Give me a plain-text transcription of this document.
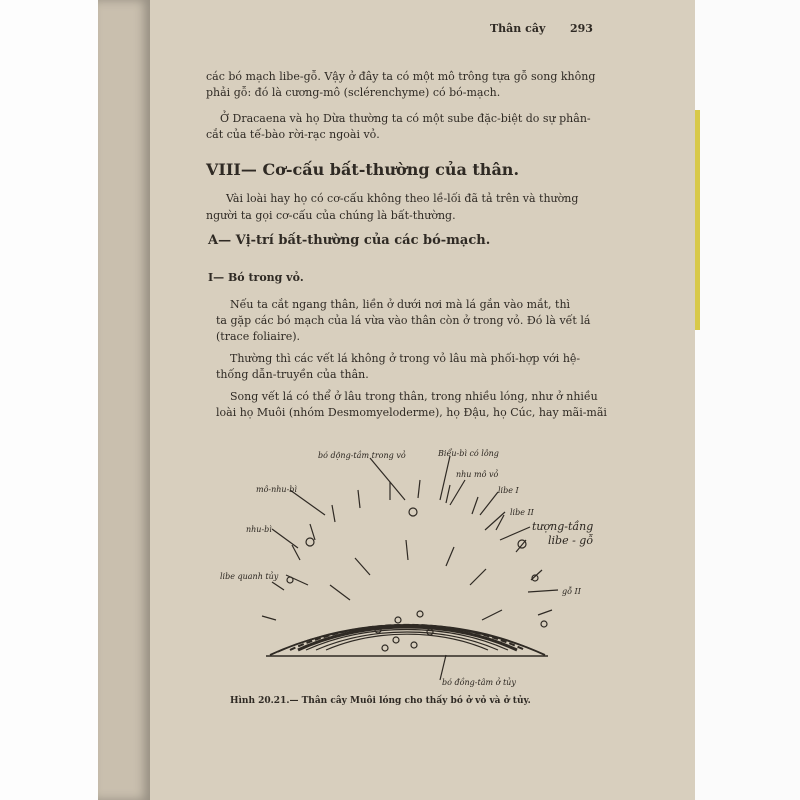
Thân cây 293
các bó mạch libe-gỗ. Vậy ở đây ta có một mô trông tựa gỗ song không
phải gỗ: đó là cương-mô (sclérenchyme) có bó-mạch.
Ở Dracaena và họ Dừa thường ta có một sube đặc-biệt do sự phân-
cắt của tế-bào rời-rạc ngoài vỏ.
VIII— Cơ-cấu bất-thường của thân.
Vài loài hay họ có cơ-cấu không theo lề-lối đã tả trên và thường
người ta gọi cơ-cấu của chúng là bất-thường.
A— Vị-trí bất-thường của các bó-mạch.
I— Bó trong vỏ.
Nếu ta cắt ngang thân, liền ở dưới nơi mà lá gắn vào mắt, thì
ta gặp các bó mạch của lá vừa vào thân còn ở trong vỏ. Đó là vết lá
(trace foliaire).
Thường thì các vết lá không ở trong vỏ lâu mà phối-hợp với hệ-
thống dẫn-truyền của thân.
Song vết lá có thể ở lâu trong thân, trong nhiều lóng, như ở nhiều
loài họ Muôi (nhóm Desmomyeloderme), họ Đậu, họ Cúc, hay mãi-mãi
Biểu-bì có lông
bó dộng-tầm trong vỏ
nhu mô vỏ
mô-nhu-bì	libe I
libe II
tượng-tầng
libe - gỗ
nhu-bì
libe quanh tủy
gỗ II
bó đồng-tâm ở tủy
Hình 20.21.— Thân cây Muôi lóng cho thấy bó ở vỏ và ở tủy.
